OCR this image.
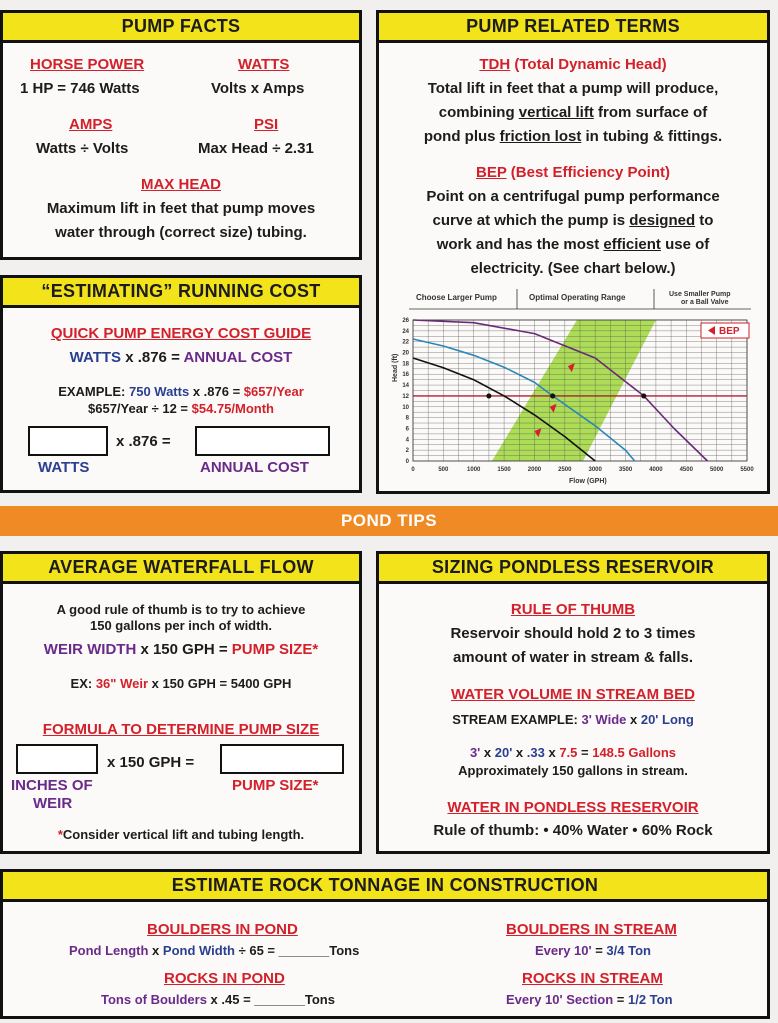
PUMP FACTS
HORSE POWER
1 HP = 746 Watts
WATTS
Volts x Amps
AMPS
Watts ÷ Volts
PSI
Max Head ÷ 2.31
MAX HEAD
Maximum lift in feet that pump moves
water through (correct size) tubing.
“ESTIMATING” RUNNING COST
QUICK PUMP ENERGY COST GUIDE
WATTS x .876 = ANNUAL COST
EXAMPLE: 750 Watts x .876 = $657/Year
$657/Year ÷ 12 = $54.75/Month
x .876 =
WATTS	ANNUAL COST
PUMP RELATED TERMS
TDH (Total Dynamic Head)
Total lift in feet that a pump will produce,
combining vertical lift from surface of
pond plus friction lost in tubing & fittings.
BEP (Best Efficiency Point)
Point on a centrifugal pump performance
curve at which the pump is designed to
work and has the most efficient use of
electricity. (See chart below.)
0	500	1000	1500	2000	2500	3000	3500	4000	4500	5000	5500
0
2
4
6
8
10
12
14
16
18
20
22
24
26
Choose Larger Pump	Optimal Operating Range	Use Smaller Pump
or a Ball Valve
Head (ft)
Flow (GPH)
BEP
POND TIPS
AVERAGE WATERFALL FLOW
A good rule of thumb is to try to achieve
150 gallons per inch of width.
WEIR WIDTH x 150 GPH = PUMP SIZE*
EX: 36" Weir x 150 GPH = 5400 GPH
FORMULA TO DETERMINE PUMP SIZE
x 150 GPH =
INCHES OF
WEIR
PUMP SIZE*
*Consider vertical lift and tubing length.
SIZING PONDLESS RESERVOIR
RULE OF THUMB
Reservoir should hold 2 to 3 times
amount of water in stream & falls.
WATER VOLUME IN STREAM BED
STREAM EXAMPLE: 3' Wide x 20' Long
3' x 20' x .33 x 7.5 = 148.5 Gallons
Approximately 150 gallons in stream.
WATER IN PONDLESS RESERVOIR
Rule of thumb: • 40% Water • 60% Rock
ESTIMATE ROCK TONNAGE IN CONSTRUCTION
BOULDERS IN POND
Pond Length x Pond Width ÷ 65 = _______Tons
ROCKS IN POND
Tons of Boulders x .45 = _______Tons
BOULDERS IN STREAM
Every 10' = 3/4 Ton
ROCKS IN STREAM
Every 10' Section = 1/2 Ton
